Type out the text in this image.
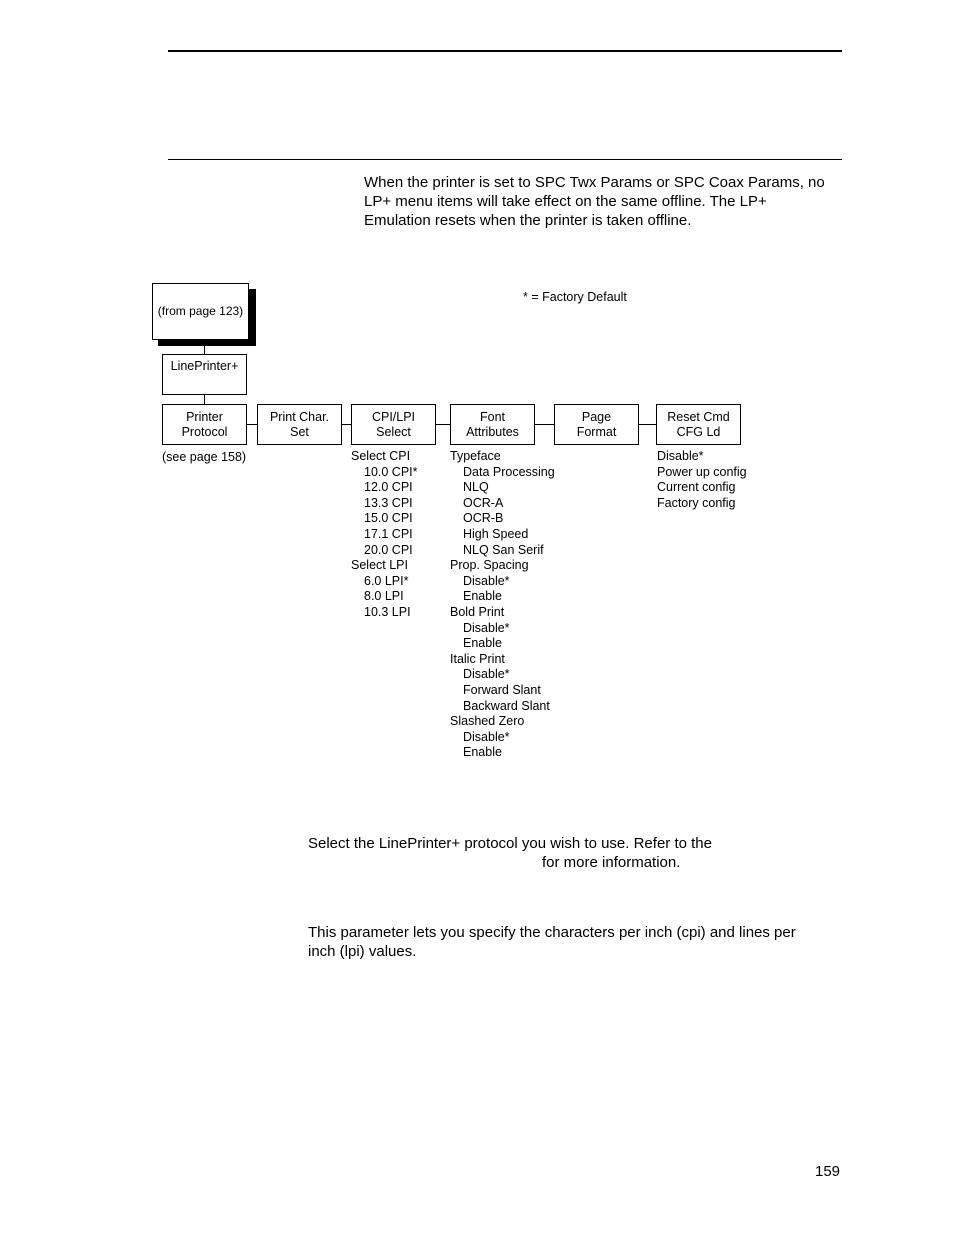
When the printer is set to SPC Twx Params or SPC Coax Params, no

LP+ menu items will take effect on the same offline. The LP+

Emulation resets when the printer is taken offline.

* = Factory Default
(from page 123)
LinePrinter+
Printer
Protocol
Print Char.
Set
CPI/LPI
Select
Font
Attributes
Page
Format
Reset Cmd
CFG Ld
(see page 158)	Select CPI
10.0 CPI*
12.0 CPI
13.3 CPI
15.0 CPI
17.1 CPI
20.0 CPI
Select LPI
6.0 LPI*
8.0 LPI
10.3 LPI
Typeface
Data Processing
NLQ
OCR-A
OCR-B
High Speed
NLQ San Serif
Prop. Spacing
Disable*
Enable
Bold Print
Disable*
Enable
Italic Print
Disable*
Forward Slant
Backward Slant
Slashed Zero
Disable*
Enable
Disable*
Power up config
Current config
Factory config

Select the LinePrinter+ protocol you wish to use. Refer to the

for more information.

This parameter lets you specify the characters per inch (cpi) and lines per

inch (lpi) values.

159
